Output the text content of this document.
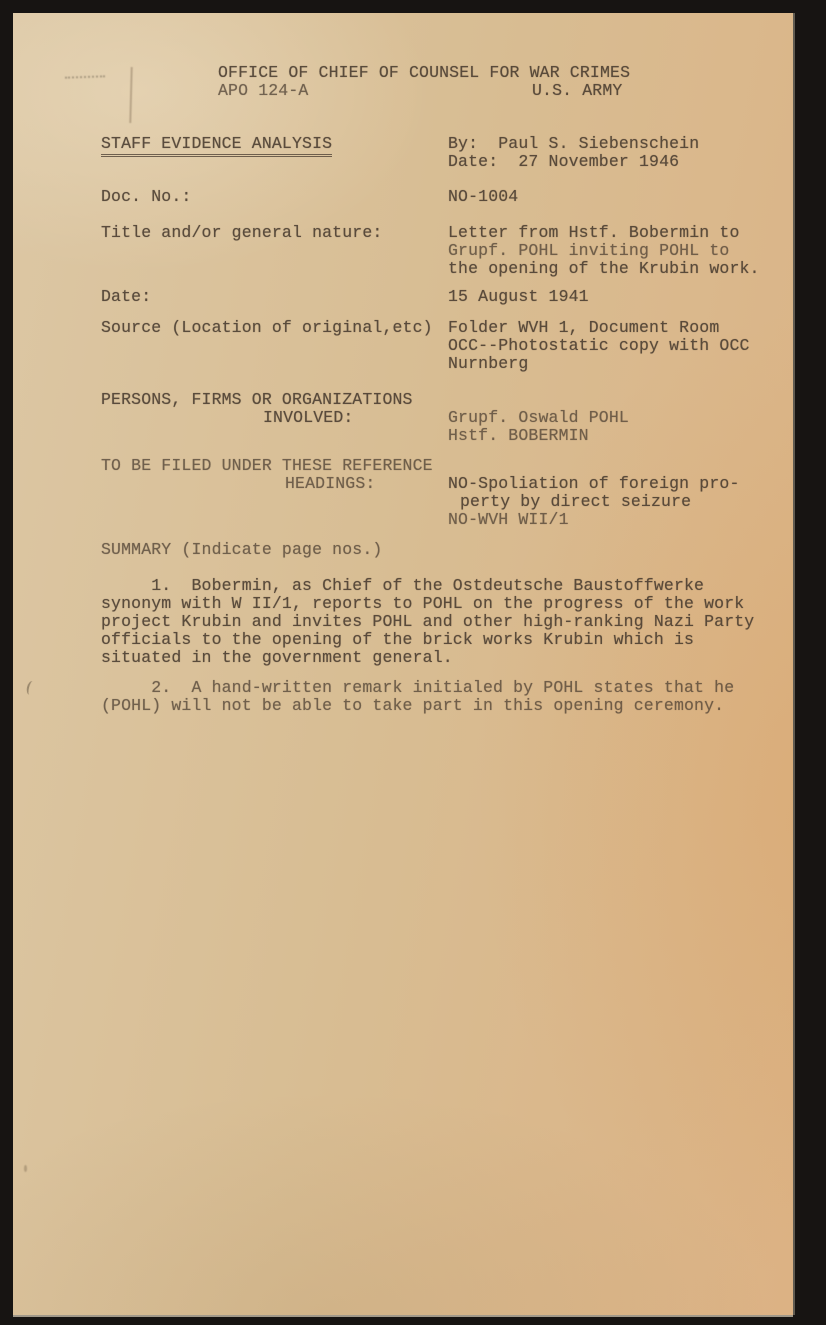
OFFICE OF CHIEF OF COUNSEL FOR WAR CRIMES
APO 124-A	U.S. ARMY
STAFF EVIDENCE ANALYSIS	By:  Paul S. Siebenschein
Date:  27 November 1946
Doc. No.:	NO-1004
Title and/or general nature:	Letter from Hstf. Bobermin to
Grupf. POHL inviting POHL to
the opening of the Krubin work.
Date:	15 August 1941
Source (Location of original,etc) Folder WVH 1, Document Room
OCC--Photostatic copy with OCC
Nurnberg
PERSONS, FIRMS OR ORGANIZATIONS
INVOLVED:	Grupf. Oswald POHL
Hstf. BOBERMIN
TO BE FILED UNDER THESE REFERENCE
HEADINGS:	NO-Spoliation of foreign pro-
perty by direct seizure
NO-WVH WII/1
SUMMARY (Indicate page nos.)
1.  Bobermin, as Chief of the Ostdeutsche Baustoffwerke
synonym with W II/1, reports to POHL on the progress of the work
project Krubin and invites POHL and other high-ranking Nazi Party
officials to the opening of the brick works Krubin which is
situated in the government general.
2.  A hand-written remark initialed by POHL states that he
(POHL) will not be able to take part in this opening ceremony.
